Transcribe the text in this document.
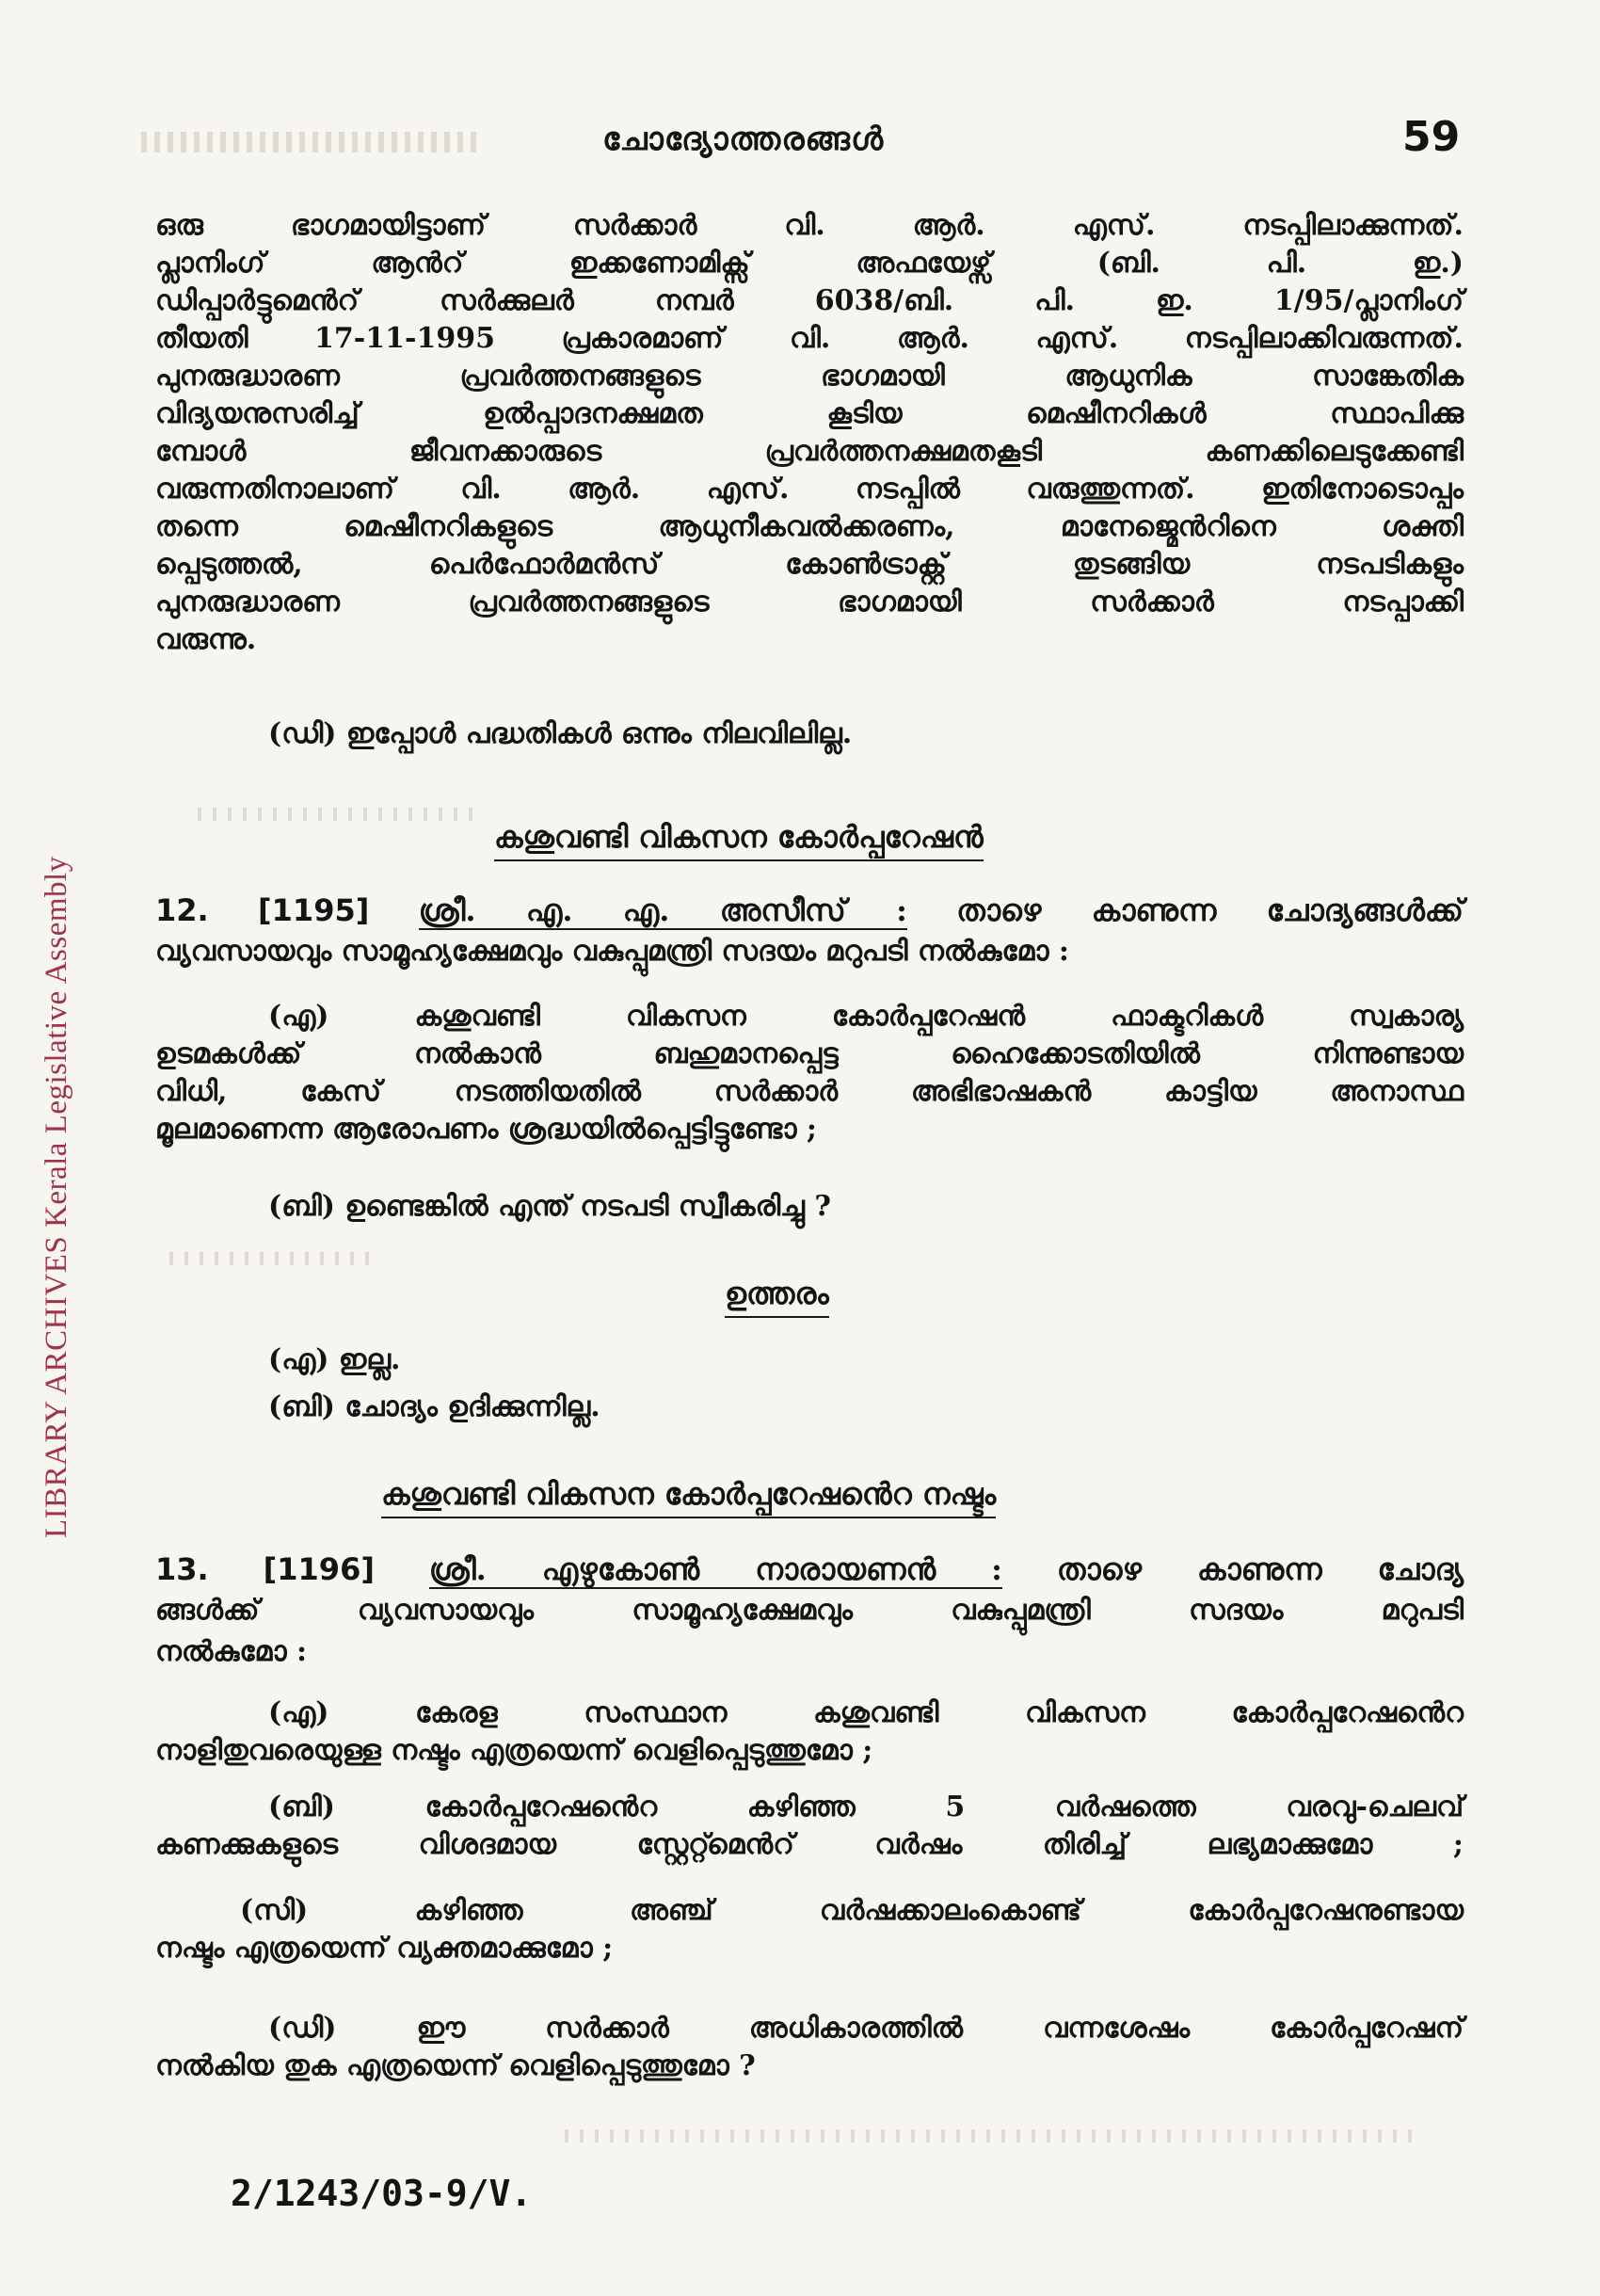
LIBRARY ARCHIVES Kerala Legislative Assembly
ചോദ്യോത്തരങ്ങൾ	59

ഒരു ഭാഗമായിട്ടാണ് സർക്കാർ വി. ആർ. എസ്. നടപ്പിലാക്കുന്നത്.

പ്ലാനിംഗ് ആൻറ് ഇക്കണോമിക്സ് അഫയേഴ്സ് (ബി. പി. ഇ.)

ഡിപ്പാർട്ടുമെൻറ് സർക്കുലർ നമ്പർ 6038/ബി. പി. ഇ. 1/95/പ്ലാനിംഗ്

തീയതി 17-11-1995 പ്രകാരമാണ് വി. ആർ. എസ്. നടപ്പിലാക്കിവരുന്നത്.

പുനരുദ്ധാരണ പ്രവർത്തനങ്ങളുടെ ഭാഗമായി ആധുനിക സാങ്കേതിക

വിദ്യയനുസരിച്ച് ഉൽപ്പാദനക്ഷമത കൂടിയ മെഷീനറികൾ സ്ഥാപിക്കു

മ്പോൾ ജീവനക്കാരുടെ പ്രവർത്തനക്ഷമതകൂടി കണക്കിലെടുക്കേണ്ടി

വരുന്നതിനാലാണ് വി. ആർ. എസ്. നടപ്പിൽ വരുത്തുന്നത്. ഇതിനോടൊപ്പം

തന്നെ മെഷീനറികളുടെ ആധുനീകവൽക്കരണം, മാനേജ്മെൻറിനെ ശക്തി

പ്പെടുത്തൽ, പെർഫോർമൻസ് കോൺട്രാക്റ്റ് തുടങ്ങിയ നടപടികളും

പുനരുദ്ധാരണ പ്രവർത്തനങ്ങളുടെ ഭാഗമായി സർക്കാർ നടപ്പാക്കി

വരുന്നു.

(ഡി) ഇപ്പോൾ പദ്ധതികൾ ഒന്നും നിലവിലില്ല.

കശുവണ്ടി വികസന കോർപ്പറേഷൻ

12. [1195] ശ്രീ. എ. എ. അസീസ് : താഴെ കാണുന്ന ചോദ്യങ്ങൾക്ക്

വ്യവസായവും സാമൂഹ്യക്ഷേമവും വകുപ്പുമന്ത്രി സദയം മറുപടി നൽകുമോ :

(എ) കശുവണ്ടി വികസന കോർപ്പറേഷൻ ഫാക്ടറികൾ സ്വകാര്യ

ഉടമകൾക്ക് നൽകാൻ ബഹുമാനപ്പെട്ട ഹൈക്കോടതിയിൽ നിന്നുണ്ടായ

വിധി, കേസ് നടത്തിയതിൽ സർക്കാർ അഭിഭാഷകൻ കാട്ടിയ അനാസ്ഥ

മൂലമാണെന്ന ആരോപണം ശ്രദ്ധയിൽപ്പെട്ടിട്ടുണ്ടോ ;

(ബി) ഉണ്ടെങ്കിൽ എന്ത് നടപടി സ്വീകരിച്ചു ?

ഉത്തരം

(എ) ഇല്ല.

(ബി) ചോദ്യം ഉദിക്കുന്നില്ല.

കശുവണ്ടി വികസന കോർപ്പറേഷൻെറ നഷ്ടം

13. [1196] ശ്രീ. എഴുകോൺ നാരായണൻ : താഴെ കാണുന്ന ചോദ്യ

ങ്ങൾക്ക് വ്യവസായവും സാമൂഹ്യക്ഷേമവും വകുപ്പുമന്ത്രി സദയം മറുപടി

നൽകുമോ :

(എ) കേരള സംസ്ഥാന കശുവണ്ടി വികസന കോർപ്പറേഷൻെറ

നാളിതുവരെയുള്ള നഷ്ടം എത്രയെന്ന് വെളിപ്പെടുത്തുമോ ;

(ബി) കോർപ്പറേഷൻെറ കഴിഞ്ഞ 5 വർഷത്തെ വരവു-ചെലവ്

കണക്കുകളുടെ വിശദമായ സ്റ്റേറ്റ്മെൻറ് വർഷം തിരിച്ച് ലഭ്യമാക്കുമോ ;

(സി) കഴിഞ്ഞ അഞ്ച് വർഷക്കാലംകൊണ്ട് കോർപ്പറേഷനുണ്ടായ

നഷ്ടം എത്രയെന്ന് വ്യക്തമാക്കുമോ ;

(ഡി) ഈ സർക്കാർ അധികാരത്തിൽ വന്നശേഷം കോർപ്പറേഷന്

നൽകിയ തുക എത്രയെന്ന് വെളിപ്പെടുത്തുമോ ?

2/1243/03-9/V.
